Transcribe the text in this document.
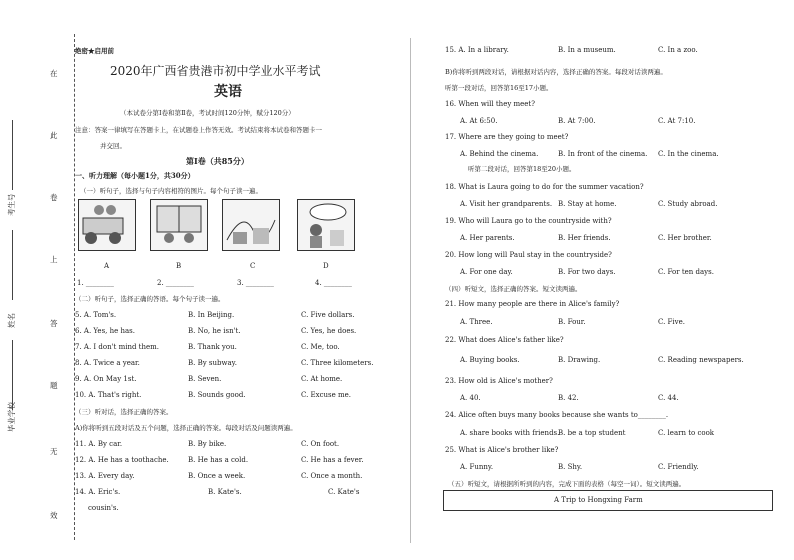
在
此
卷
上
答
题
无
效
考生号
姓名
毕业学校
绝密★启用前
2020年广西省贵港市初中学业水平考试
英语
（本试卷分第Ⅰ卷和第Ⅱ卷，考试时间120分钟，赋分120分）
注意：答案一律填写在答题卡上，在试题卷上作答无效。考试结束将本试卷和答题卡一
并交回。
第Ⅰ卷（共85分）
一、听力理解（每小题1分，共30分）
（一）听句子，选择与句子内容相符的图片。每个句子读一遍。
A	B	C	D
1. ________	2. ________	3. ________	4. ________
（二）听句子，选择正确的答语。每个句子读一遍。
5. A. Tom's.	B. In Beijing.	C. Five dollars.
6. A. Yes, he has.	B. No, he isn't.	C. Yes, he does.
7. A. I don't mind them.	B. Thank you.	C. Me, too.
8. A. Twice a year.	B. By subway.	C. Three kilometers.
9. A. On May 1st.	B. Seven.	C. At home.
10. A. That's right.	B. Sounds good.	C. Excuse me.
（三）听对话，选择正确的答案。
A)你将听到五段对话及五个问题，选择正确的答案。每段对话及问题读两遍。
11. A. By car.	B. By bike.	C. On foot.
12. A. He has a toothache.	B. He has a cold.	C. He has a fever.
13. A. Every day.	B. Once a week.	C. Once a month.
14. A. Eric's.	B. Kate's.	C. Kate's
cousin's.
15. A. In a library.	B. In a museum.	C. In a zoo.
B)你将听到两段对话，请根据对话内容，选择正确的答案。每段对话读两遍。
听第一段对话，回答第16至17小题。
16. When will they meet?
A. At 6:50.	B. At 7:00.	C. At 7:10.
17. Where are they going to meet?
A. Behind the cinema.	B. In front of the cinema. C. In the cinema.
听第二段对话，回答第18至20小题。
18. What is Laura going to do for the summer vacation?
A. Visit her grandparents. B. Stay at home.	C. Study abroad.
19. Who will Laura go to the countryside with?
A. Her parents.	B. Her friends.	C. Her brother.
20. How long will Paul stay in the countryside?
A. For one day.	B. For two days.	C. For ten days.
（四）听短文，选择正确的答案。短文读两遍。
21. How many people are there in Alice's family?
A. Three.	B. Four.	C. Five.
22. What does Alice's father like?
A. Buying books.	B. Drawing.	C. Reading newspapers.
23. How old is Alice's mother?
A. 40.	B. 42.	C. 44.
24. Alice often buys many books because she wants to________.
A. share books with friends.
B. be a top student	C. learn to cook
25. What is Alice's brother like?
A. Funny.	B. Shy.	C. Friendly.
（五）听短文，请根据所听到的内容，完成下面的表格（每空一词）。短文读两遍。
A Trip to Hongxing Farm
